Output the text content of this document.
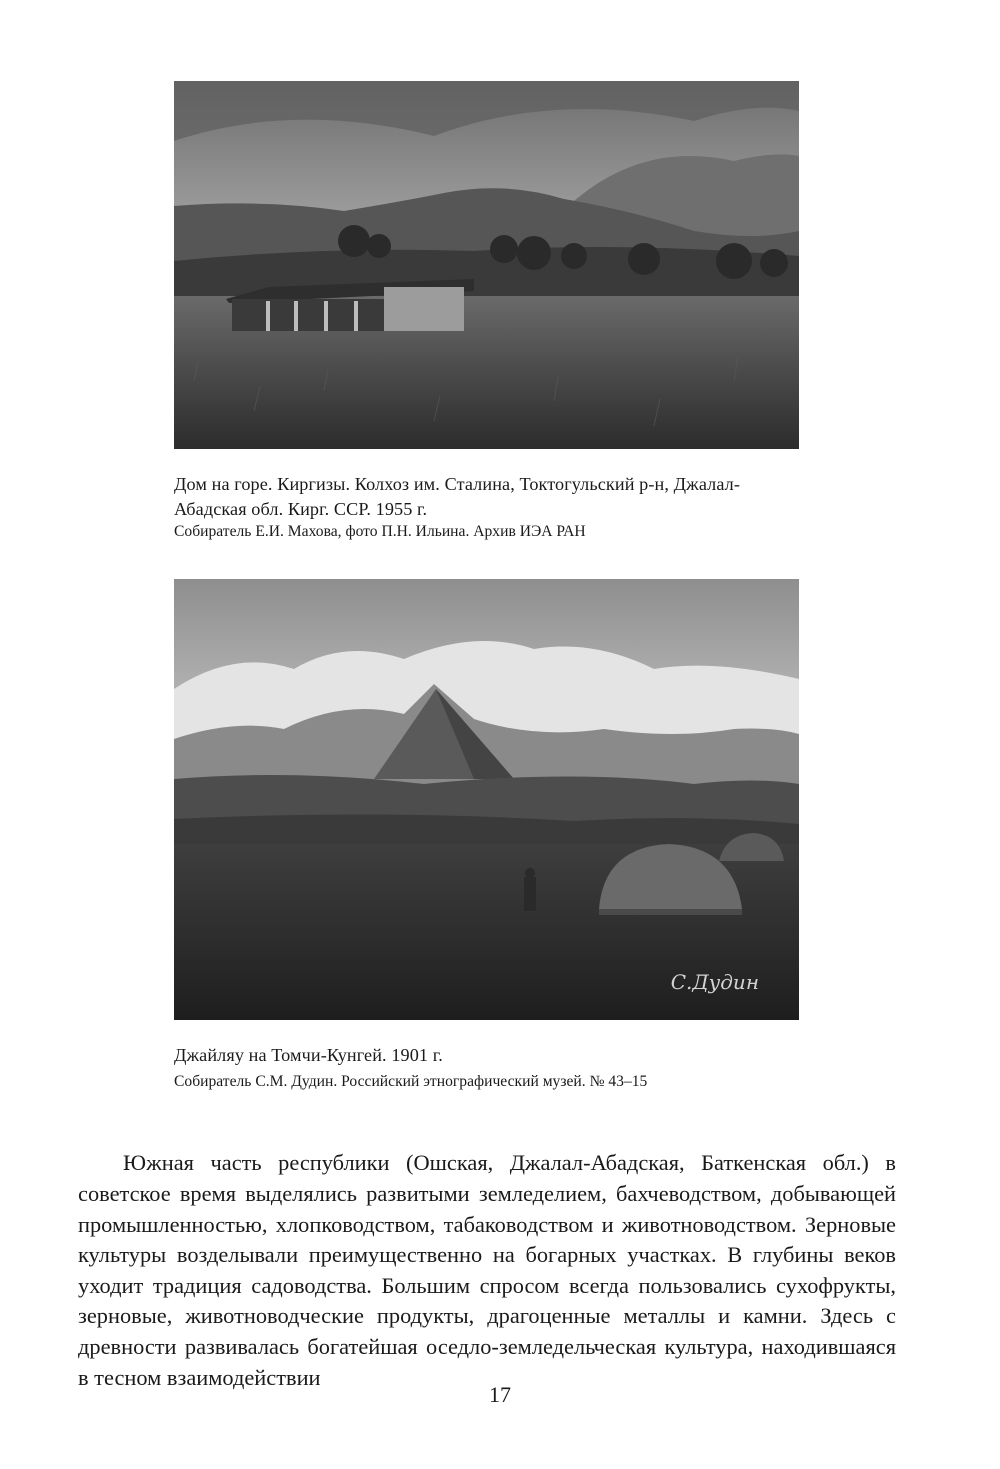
Дом на горе. Киргизы. Колхоз им. Сталина, Токтогульский р-н, Джалал-Абадская обл. Кирг. ССР. 1955 г.
Собиратель Е.И. Махова, фото П.Н. Ильина. Архив ИЭА РАН
С.Дудин
Джайляу на Томчи-Кунгей. 1901 г.
Собиратель С.М. Дудин. Российский этнографический музей. № 43–15

Южная часть республики (Ошская, Джалал-Абадская, Баткенская обл.) в советское время выделялись развитыми земледелием, бахчеводством, добывающей промышленностью, хлопководством, табаководством и животноводством. Зерновые культуры возделывали преимущественно на богарных участках. В глубины веков уходит традиция садоводства. Большим спросом всегда пользовались сухофрукты, зерновые, животноводческие продукты, драгоценные металлы и камни. Здесь с древности развивалась богатейшая оседло-земледельческая культура, находившаяся в тесном взаимодействии

17
